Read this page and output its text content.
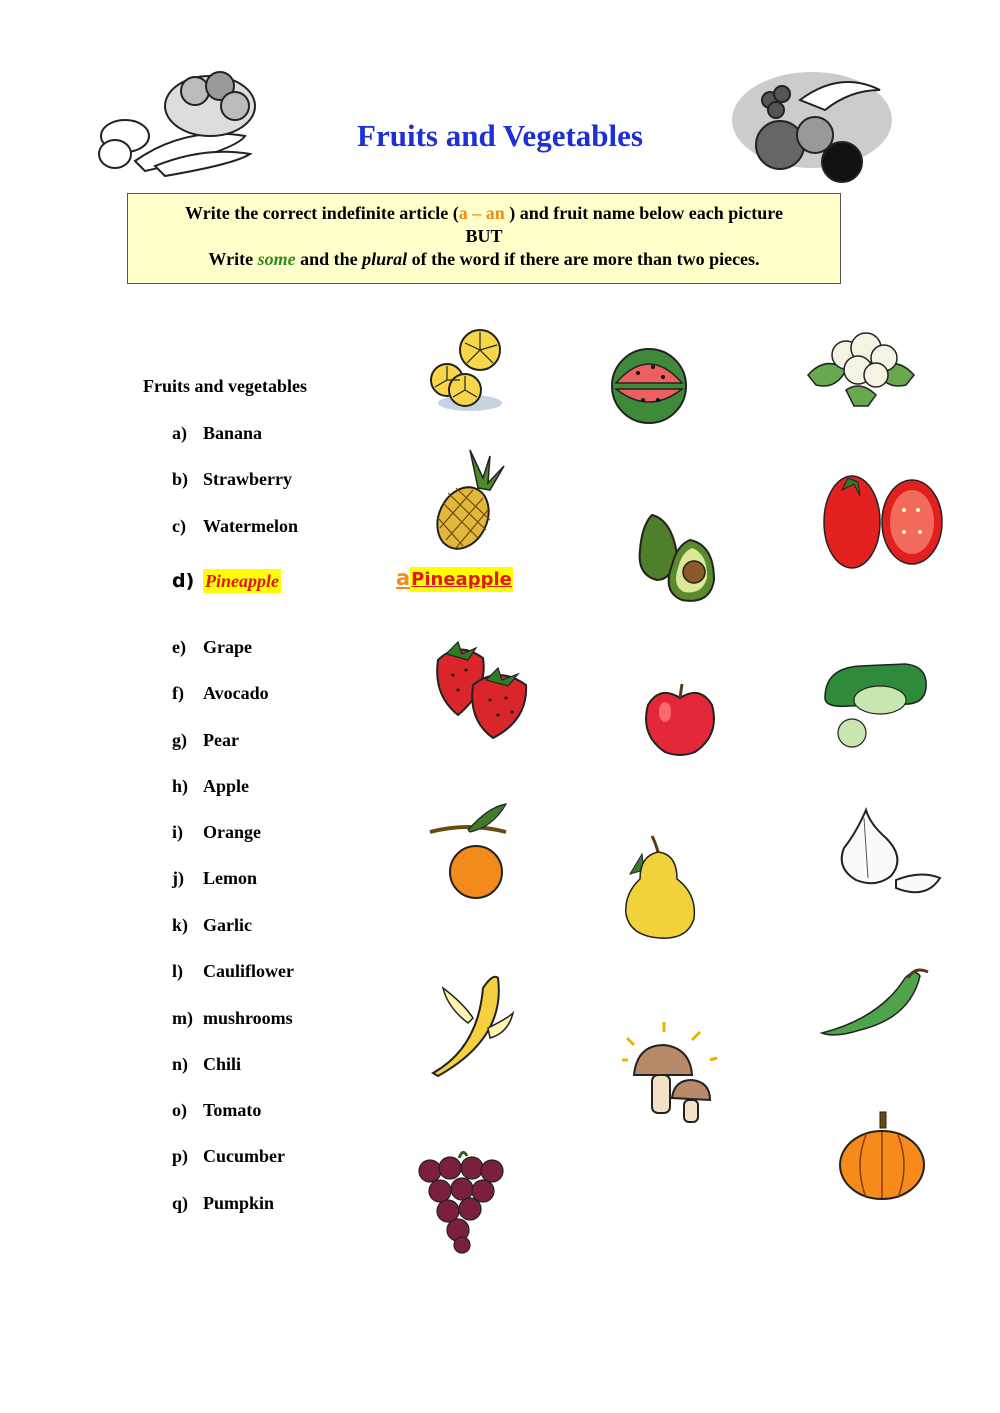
Fruits and Vegetables
Write the correct indefinite article (a – an ) and fruit name below each picture
BUT
Write some and the plural of the word if there are more than two pieces.
Fruits and vegetables
a) Banana
b) Strawberry
c) Watermelon
d) Pineapple
e) Grape
f) Avocado
g) Pear
h) Apple
i) Orange
j) Lemon
k) Garlic
l) Cauliflower
m) mushrooms
n) Chili
o) Tomato
p) Cucumber
q) Pumpkin
aPineapple
